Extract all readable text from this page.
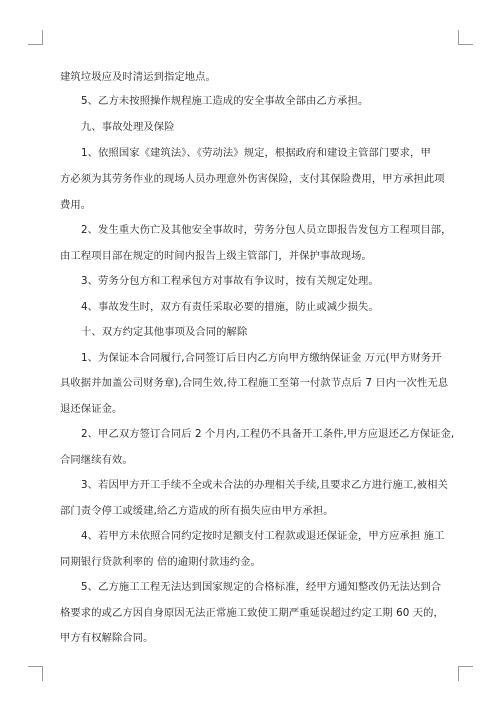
建筑垃圾应及时清运到指定地点。
5、乙方未按照操作规程施工造成的安全事故全部由乙方承担。
九、事故处理及保险
1、依照国家《建筑法》、《劳动法》规定，根据政府和建设主管部门要求，甲
方必须为其劳务作业的现场人员办理意外伤害保险，支付其保险费用，甲方承担此项
费用。
2、发生重大伤亡及其他安全事故时，劳务分包人员立即报告发包方工程项目部，
由工程项目部在规定的时间内报告上级主管部门，并保护事故现场。
3、劳务分包方和工程承包方对事故有争议时，按有关规定处理。
4、事故发生时，双方有责任采取必要的措施，防止或减少损失。
十、双方约定其他事项及合同的解除
1、为保证本合同履行,合同签订后日内乙方向甲方缴纳保证金 万元(甲方财务开
具收据并加盖公司财务章),合同生效,待工程施工至第一付款节点后 7 日内一次性无息
退还保证金。
2、甲乙双方签订合同后 2 个月内,工程仍不具备开工条件,甲方应退还乙方保证金,
合同继续有效。
3、若因甲方开工手续不全或未合法的办理相关手续,且要求乙方进行施工,被相关
部门责令停工或缓建,给乙方造成的所有损失应由甲方承担。
4、若甲方未依照合同约定按时足额支付工程款或退还保证金，甲方应承担 施工
同期银行贷款利率的 倍的逾期付款违约金。
5、乙方施工工程无法达到国家规定的合格标准，经甲方通知整改仍无法达到合
格要求的或乙方因自身原因无法正常施工致使工期严重延误超过约定工期 60 天的，
甲方有权解除合同。
